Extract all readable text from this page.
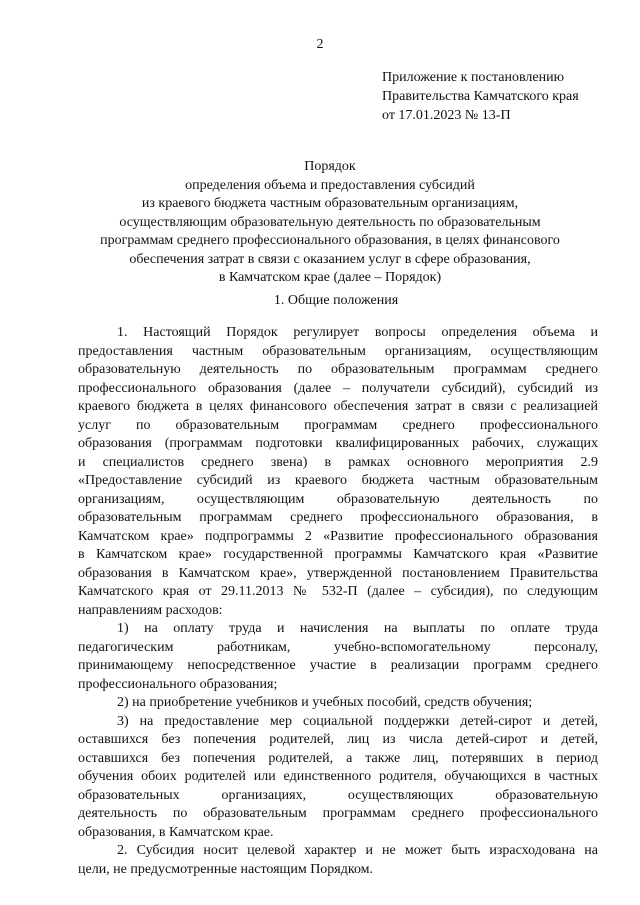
2
Приложение к постановлению
Правительства Камчатского края
от 17.01.2023 № 13-П
Порядок
определения объема и предоставления субсидий
из краевого бюджета частным образовательным организациям,
осуществляющим образовательную деятельность по образовательным
программам среднего профессионального образования, в целях финансового
обеспечения затрат в связи с оказанием услуг в сфере образования,
в Камчатском крае (далее – Порядок)
1. Общие положения
1. Настоящий Порядок регулирует вопросы определения объема и
предоставления частным образовательным организациям, осуществляющим
образовательную деятельность по образовательным программам среднего
профессионального образования (далее – получатели субсидий), субсидий из
краевого бюджета в целях финансового обеспечения затрат в связи с реализацией
услуг по образовательным программам среднего профессионального
образования (программам подготовки квалифицированных рабочих, служащих
и специалистов среднего звена) в рамках основного мероприятия 2.9
«Предоставление субсидий из краевого бюджета частным образовательным
организациям, осуществляющим образовательную деятельность по
образовательным программам среднего профессионального образования, в
Камчатском крае» подпрограммы 2 «Развитие профессионального образования
в Камчатском крае» государственной программы Камчатского края «Развитие
образования в Камчатском крае», утвержденной постановлением Правительства
Камчатского края от 29.11.2013 № 532-П (далее – субсидия), по следующим
направлениям расходов:
1) на оплату труда и начисления на выплаты по оплате труда
педагогическим работникам, учебно-вспомогательному персоналу,
принимающему непосредственное участие в реализации программ среднего
профессионального образования;
2) на приобретение учебников и учебных пособий, средств обучения;
3) на предоставление мер социальной поддержки детей-сирот и детей,
оставшихся без попечения родителей, лиц из числа детей-сирот и детей,
оставшихся без попечения родителей, а также лиц, потерявших в период
обучения обоих родителей или единственного родителя, обучающихся в частных
образовательных организациях, осуществляющих образовательную
деятельность по образовательным программам среднего профессионального
образования, в Камчатском крае.
2. Субсидия носит целевой характер и не может быть израсходована на
цели, не предусмотренные настоящим Порядком.
